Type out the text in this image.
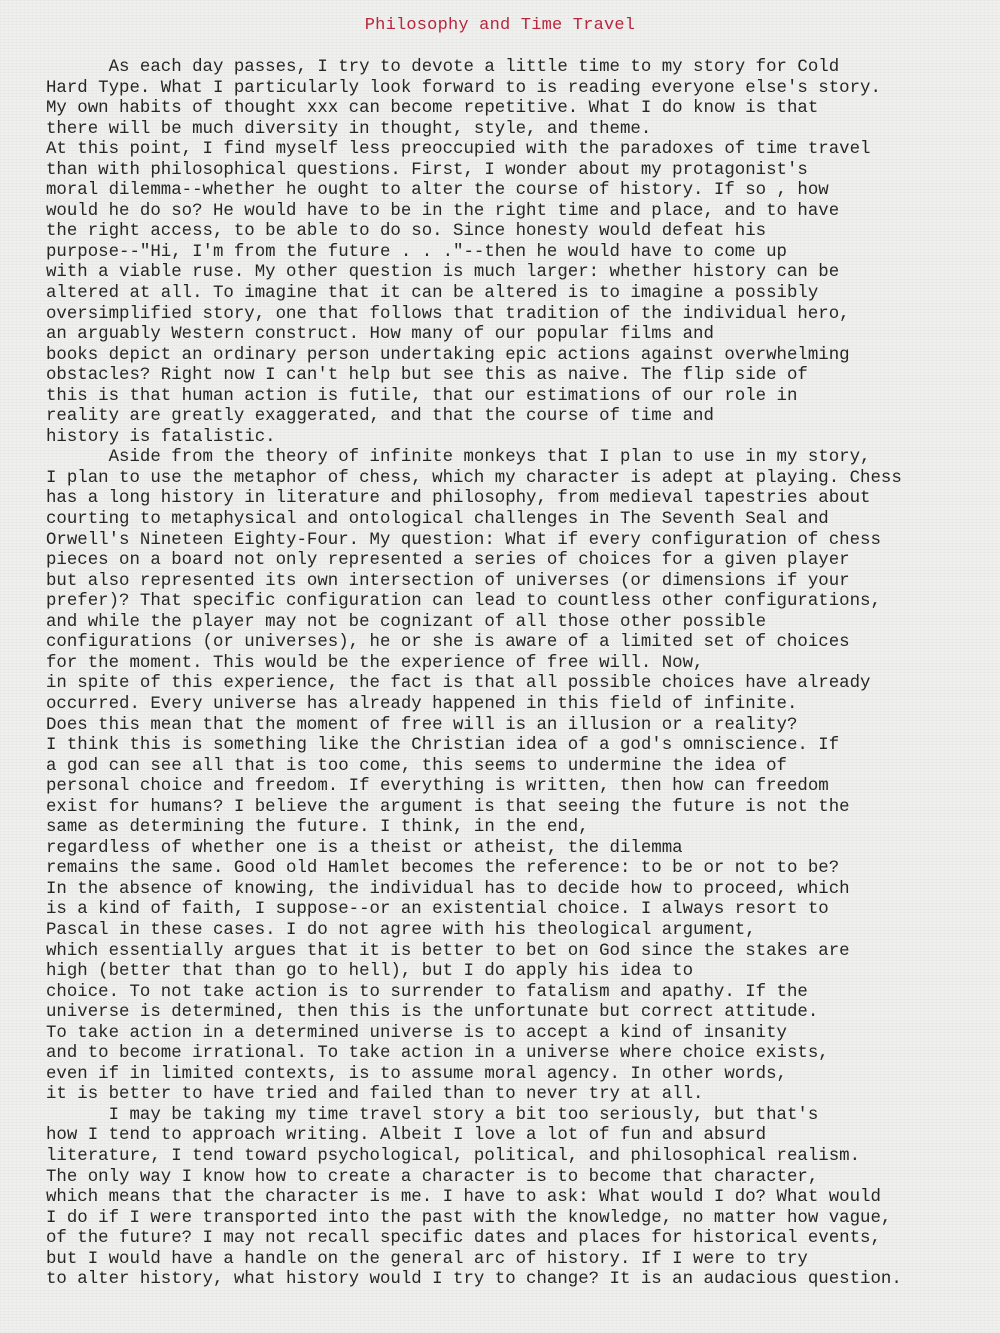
Philosophy and Time Travel
As each day passes, I try to devote a little time to my story for Cold
Hard Type. What I particularly look forward to is reading everyone else's story.
My own habits of thought xxx can become repetitive. What I do know is that
there will be much diversity in thought, style, and theme.
At this point, I find myself less preoccupied with the paradoxes of time travel
than with philosophical questions. First, I wonder about my protagonist's
moral dilemma--whether he ought to alter the course of history. If so , how
would he do so? He would have to be in the right time and place, and to have
the right access, to be able to do so. Since honesty would defeat his
purpose--"Hi, I'm from the future . . ."--then he would have to come up
with a viable ruse. My other question is much larger: whether history can be
altered at all. To imagine that it can be altered is to imagine a possibly
oversimplified story, one that follows that tradition of the individual hero,
an arguably Western construct. How many of our popular films and
books depict an ordinary person undertaking epic actions against overwhelming
obstacles? Right now I can't help but see this as naive. The flip side of
this is that human action is futile, that our estimations of our role in
reality are greatly exaggerated, and that the course of time and
history is fatalistic.
Aside from the theory of infinite monkeys that I plan to use in my story,
I plan to use the metaphor of chess, which my character is adept at playing. Chess
has a long history in literature and philosophy, from medieval tapestries about
courting to metaphysical and ontological challenges in The Seventh Seal and
Orwell's Nineteen Eighty-Four. My question: What if every configuration of chess
pieces on a board not only represented a series of choices for a given player
but also represented its own intersection of universes (or dimensions if your
prefer)? That specific configuration can lead to countless other configurations,
and while the player may not be cognizant of all those other possible
configurations (or universes), he or she is aware of a limited set of choices
for the moment. This would be the experience of free will. Now,
in spite of this experience, the fact is that all possible choices have already
occurred. Every universe has already happened in this field of infinite.
Does this mean that the moment of free will is an illusion or a reality?
I think this is something like the Christian idea of a god's omniscience. If
a god can see all that is too come, this seems to undermine the idea of
personal choice and freedom. If everything is written, then how can freedom
exist for humans? I believe the argument is that seeing the future is not the
same as determining the future. I think, in the end,
regardless of whether one is a theist or atheist, the dilemma
remains the same. Good old Hamlet becomes the reference: to be or not to be?
In the absence of knowing, the individual has to decide how to proceed, which
is a kind of faith, I suppose--or an existential choice. I always resort to
Pascal in these cases. I do not agree with his theological argument,
which essentially argues that it is better to bet on God since the stakes are
high (better that than go to hell), but I do apply his idea to
choice. To not take action is to surrender to fatalism and apathy. If the
universe is determined, then this is the unfortunate but correct attitude.
To take action in a determined universe is to accept a kind of insanity
and to become irrational. To take action in a universe where choice exists,
even if in limited contexts, is to assume moral agency. In other words,
it is better to have tried and failed than to never try at all.
I may be taking my time travel story a bit too seriously, but that's
how I tend to approach writing. Albeit I love a lot of fun and absurd
literature, I tend toward psychological, political, and philosophical realism.
The only way I know how to create a character is to become that character,
which means that the character is me. I have to ask: What would I do? What would
I do if I were transported into the past with the knowledge, no matter how vague,
of the future? I may not recall specific dates and places for historical events,
but I would have a handle on the general arc of history. If I were to try
to alter history, what history would I try to change? It is an audacious question.
